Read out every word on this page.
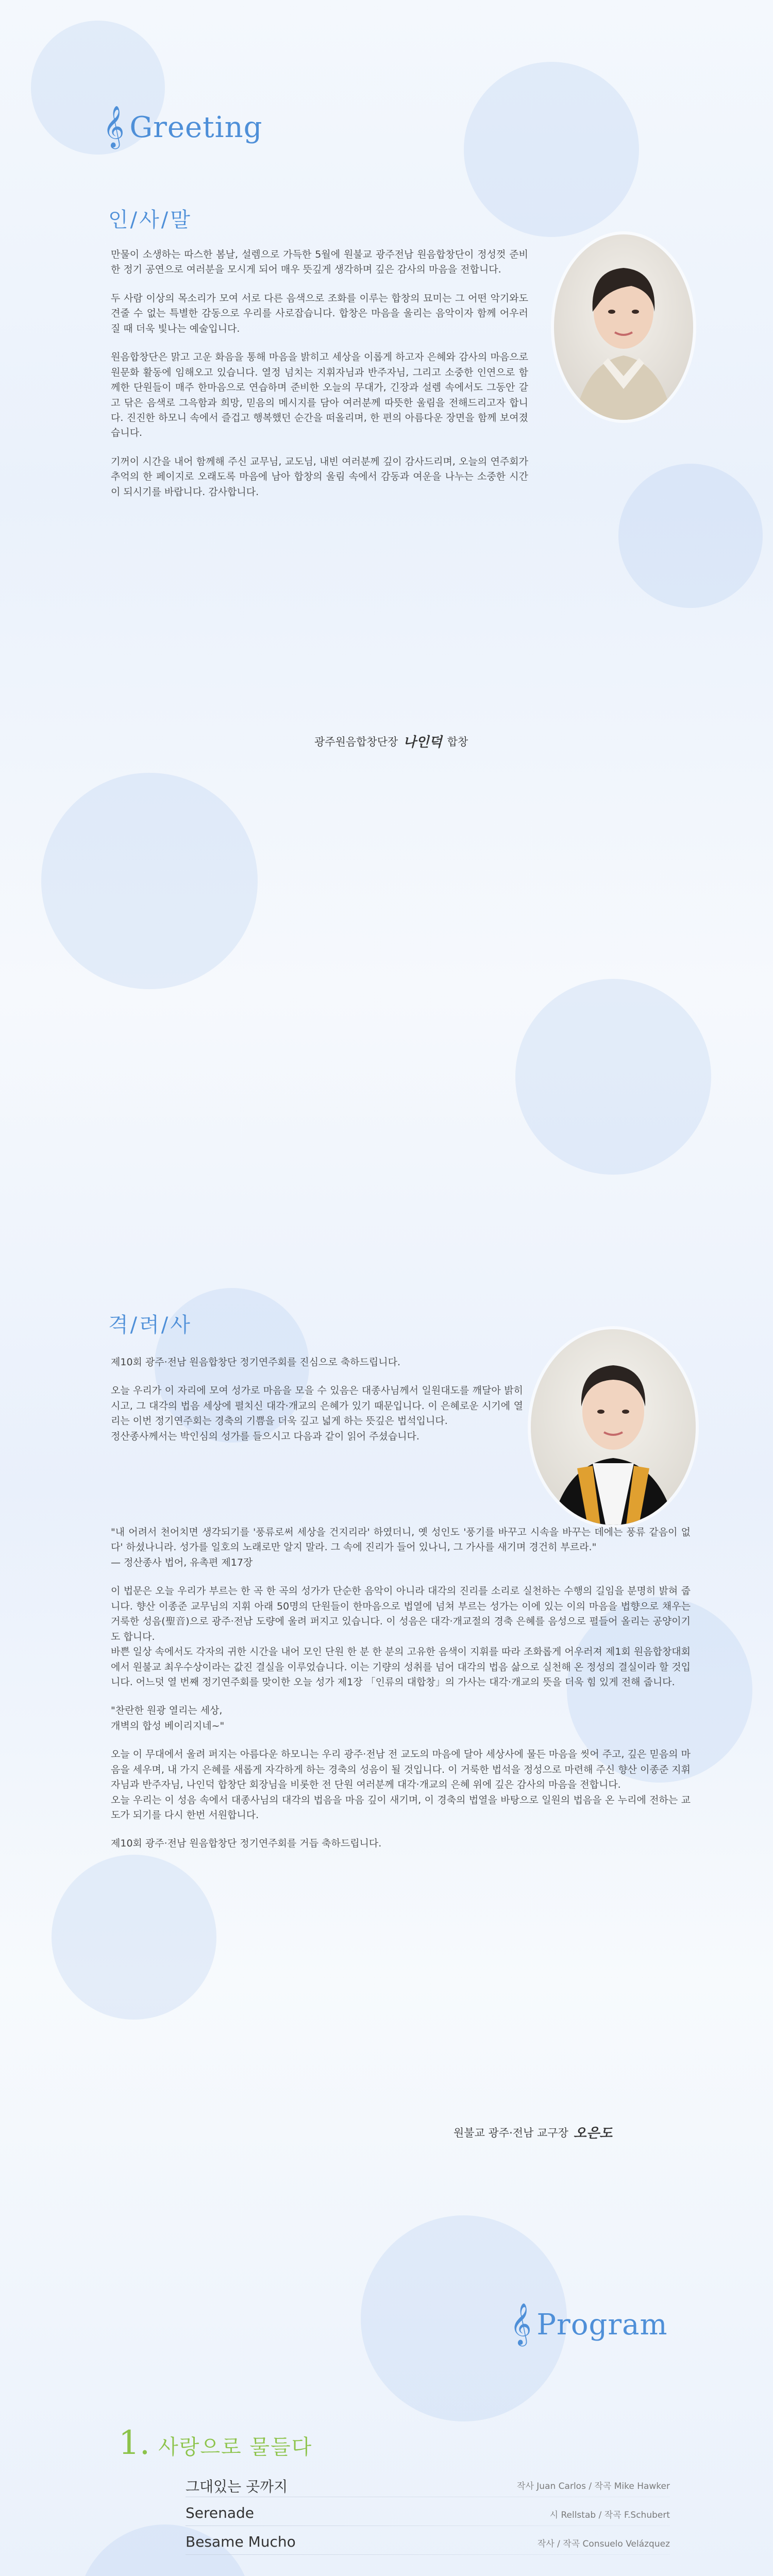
𝄞 Greeting
인/사/말

만물이 소생하는 따스한 봄날, 설렘으로 가득한 5월에 원불교 광주전남 원음합창단이 정성껏 준비한 정기 공연으로 여러분을 모시게 되어 매우 뜻깊게 생각하며 깊은 감사의 마음을 전합니다.

두 사람 이상의 목소리가 모여 서로 다른 음색으로 조화를 이루는 합창의 묘미는 그 어떤 악기와도 견줄 수 없는 특별한 감동으로 우리를 사로잡습니다. 합창은 마음을 울리는 음악이자 함께 어우러질 때 더욱 빛나는 예술입니다.

원음합창단은 맑고 고운 화음을 통해 마음을 밝히고 세상을 이롭게 하고자 은혜와 감사의 마음으로 원문화 활동에 임해오고 있습니다. 열정 넘치는 지휘자님과 반주자님, 그리고 소중한 인연으로 함께한 단원들이 매주 한마음으로 연습하며 준비한 오늘의 무대가, 긴장과 설렘 속에서도 그동안 갈고 닦은 음색로 그윽함과 희망, 믿음의 메시지를 담아 여러분께 따뜻한 울림을 전해드리고자 합니다. 진진한 하모니 속에서 즐겁고 행복했던 순간을 떠올리며, 한 편의 아름다운 장면을 함께 보여졌습니다.

기꺼이 시간을 내어 함께해 주신 교무님, 교도님, 내빈 여러분께 깊이 감사드리며, 오늘의 연주회가 추억의 한 페이지로 오래도록 마음에 남아 합창의 울림 속에서 감동과 여운을 나누는 소중한 시간이 되시기를 바랍니다. 감사합니다.

광주원음합창단장 나인덕 합창
격/려/사

제10회 광주·전남 원음합창단 정기연주회를 진심으로 축하드립니다.

오늘 우리가 이 자리에 모여 성가로 마음을 모을 수 있음은 대종사님께서 일원대도를 깨달아 밝히시고, 그 대각의 법음 세상에 펼치신 대각·개교의 은혜가 있기 때문입니다. 이 은혜로운 시기에 열리는 이번 정기연주회는 경축의 기쁨을 더욱 깊고 넓게 하는 뜻깊은 법석입니다.
정산종사께서는 박인심의 성가를 들으시고 다음과 같이 읽어 주셨습니다.

"내 어려서 천어치면 생각되기를 '풍류로써 세상을 건지리라' 하였더니, 옛 성인도 '풍기를 바꾸고 시속을 바꾸는 데에는 풍류 같음이 없다' 하셨나니라. 성가를 일호의 노래로만 알지 말라. 그 속에 진리가 들어 있나니, 그 가사를 새기며 경건히 부르라."
— 정산종사 법어, 유촉편 제17장

이 법문은 오늘 우리가 부르는 한 곡 한 곡의 성가가 단순한 음악이 아니라 대각의 진리를 소리로 실천하는 수행의 길임을 분명히 밝혀 줍니다. 향산 이종준 교무님의 지휘 아래 50명의 단원들이 한마음으로 법열에 넘쳐 부르는 성가는 이에 있는 이의 마음을 법향으로 채우는 거룩한 성음(聖音)으로 광주·전남 도량에 울려 퍼지고 있습니다. 이 성음은 대각·개교절의 경축 은혜를 음성으로 펼들어 올리는 공양이기도 합니다.
바쁜 일상 속에서도 각자의 귀한 시간을 내어 모인 단원 한 분 한 분의 고유한 음색이 지휘를 따라 조화롭게 어우러져 제1회 원음합창대회에서 원불교 최우수상이라는 값진 결실을 이루었습니다. 이는 기량의 성취를 넘어 대각의 법음 삶으로 실천해 온 정성의 결실이라 할 것입니다. 어느덧 열 번째 정기연주회를 맞이한 오늘 성가 제1장 「인류의 대합창」의 가사는 대각·개교의 뜻을 더욱 힘 있게 전해 줍니다.

"찬란한 원광 열리는 세상,
개벽의 합성 베이리지네~"

오늘 이 무대에서 울려 퍼지는 아름다운 하모니는 우리 광주·전남 전 교도의 마음에 달아 세상사에 물든 마음을 씻어 주고, 깊은 믿음의 마음을 세우며, 내 가지 은혜를 새롭게 자각하게 하는 경축의 성음이 될 것입니다. 이 거룩한 법석을 정성으로 마련해 주신 향산 이종준 지휘자님과 반주자님, 나인덕 합창단 회장님을 비롯한 전 단원 여러분께 대각·개교의 은혜 위에 깊은 감사의 마음을 전합니다.
오늘 우리는 이 성음 속에서 대종사님의 대각의 법음을 마음 깊이 새기며, 이 경축의 법열을 바탕으로 일원의 법음을 온 누리에 전하는 교도가 되기를 다시 한번 서원합니다.

제10회 광주·전남 원음합창단 정기연주회를 거듭 축하드립니다.

원불교 광주·전남 교구장 오은도
𝄞 Program
1. 사랑으로 물들다
그대있는 곳까지	작사 Juan Carlos / 작곡 Mike Hawker
Serenade	시 Rellstab / 작곡 F.Schubert
Besame Mucho	작사 / 작곡 Consuelo Velázquez
